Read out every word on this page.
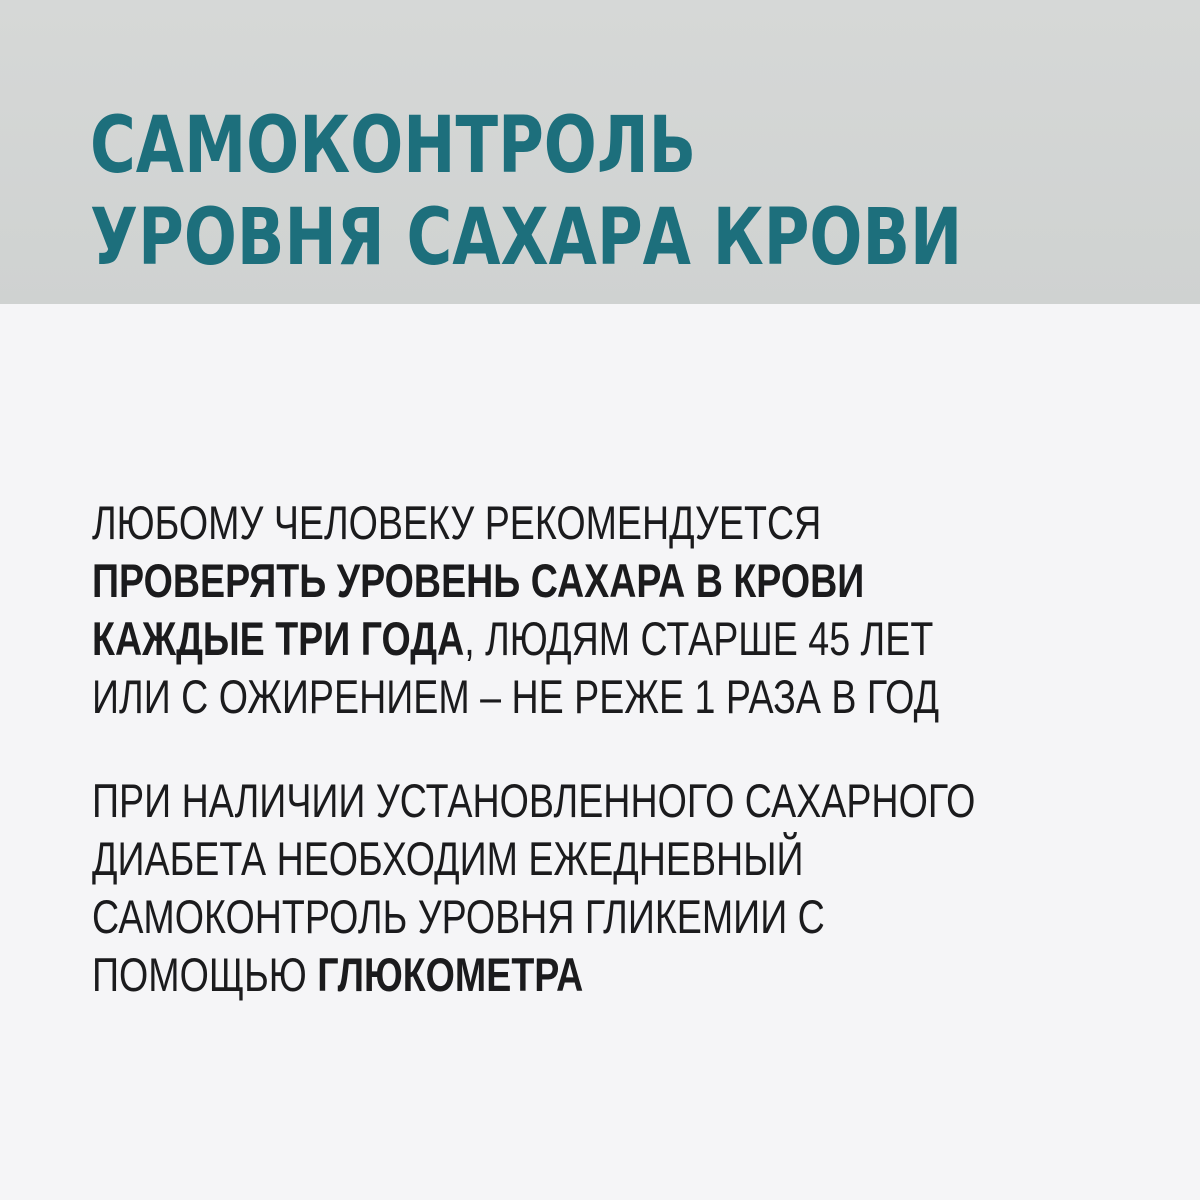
САМОКОНТРОЛЬ
УРОВНЯ САХАРА КРОВИ
ЛЮБОМУ ЧЕЛОВЕКУ РЕКОМЕНДУЕТСЯ
ПРОВЕРЯТЬ УРОВЕНЬ САХАРА В КРОВИ
КАЖДЫЕ ТРИ ГОДА, ЛЮДЯМ СТАРШЕ 45 ЛЕТ
ИЛИ С ОЖИРЕНИЕМ – НЕ РЕЖЕ 1 РАЗА В ГОД
ПРИ НАЛИЧИИ УСТАНОВЛЕННОГО САХАРНОГО
ДИАБЕТА НЕОБХОДИМ ЕЖЕДНЕВНЫЙ
САМОКОНТРОЛЬ УРОВНЯ ГЛИКЕМИИ С
ПОМОЩЬЮ ГЛЮКОМЕТРА
